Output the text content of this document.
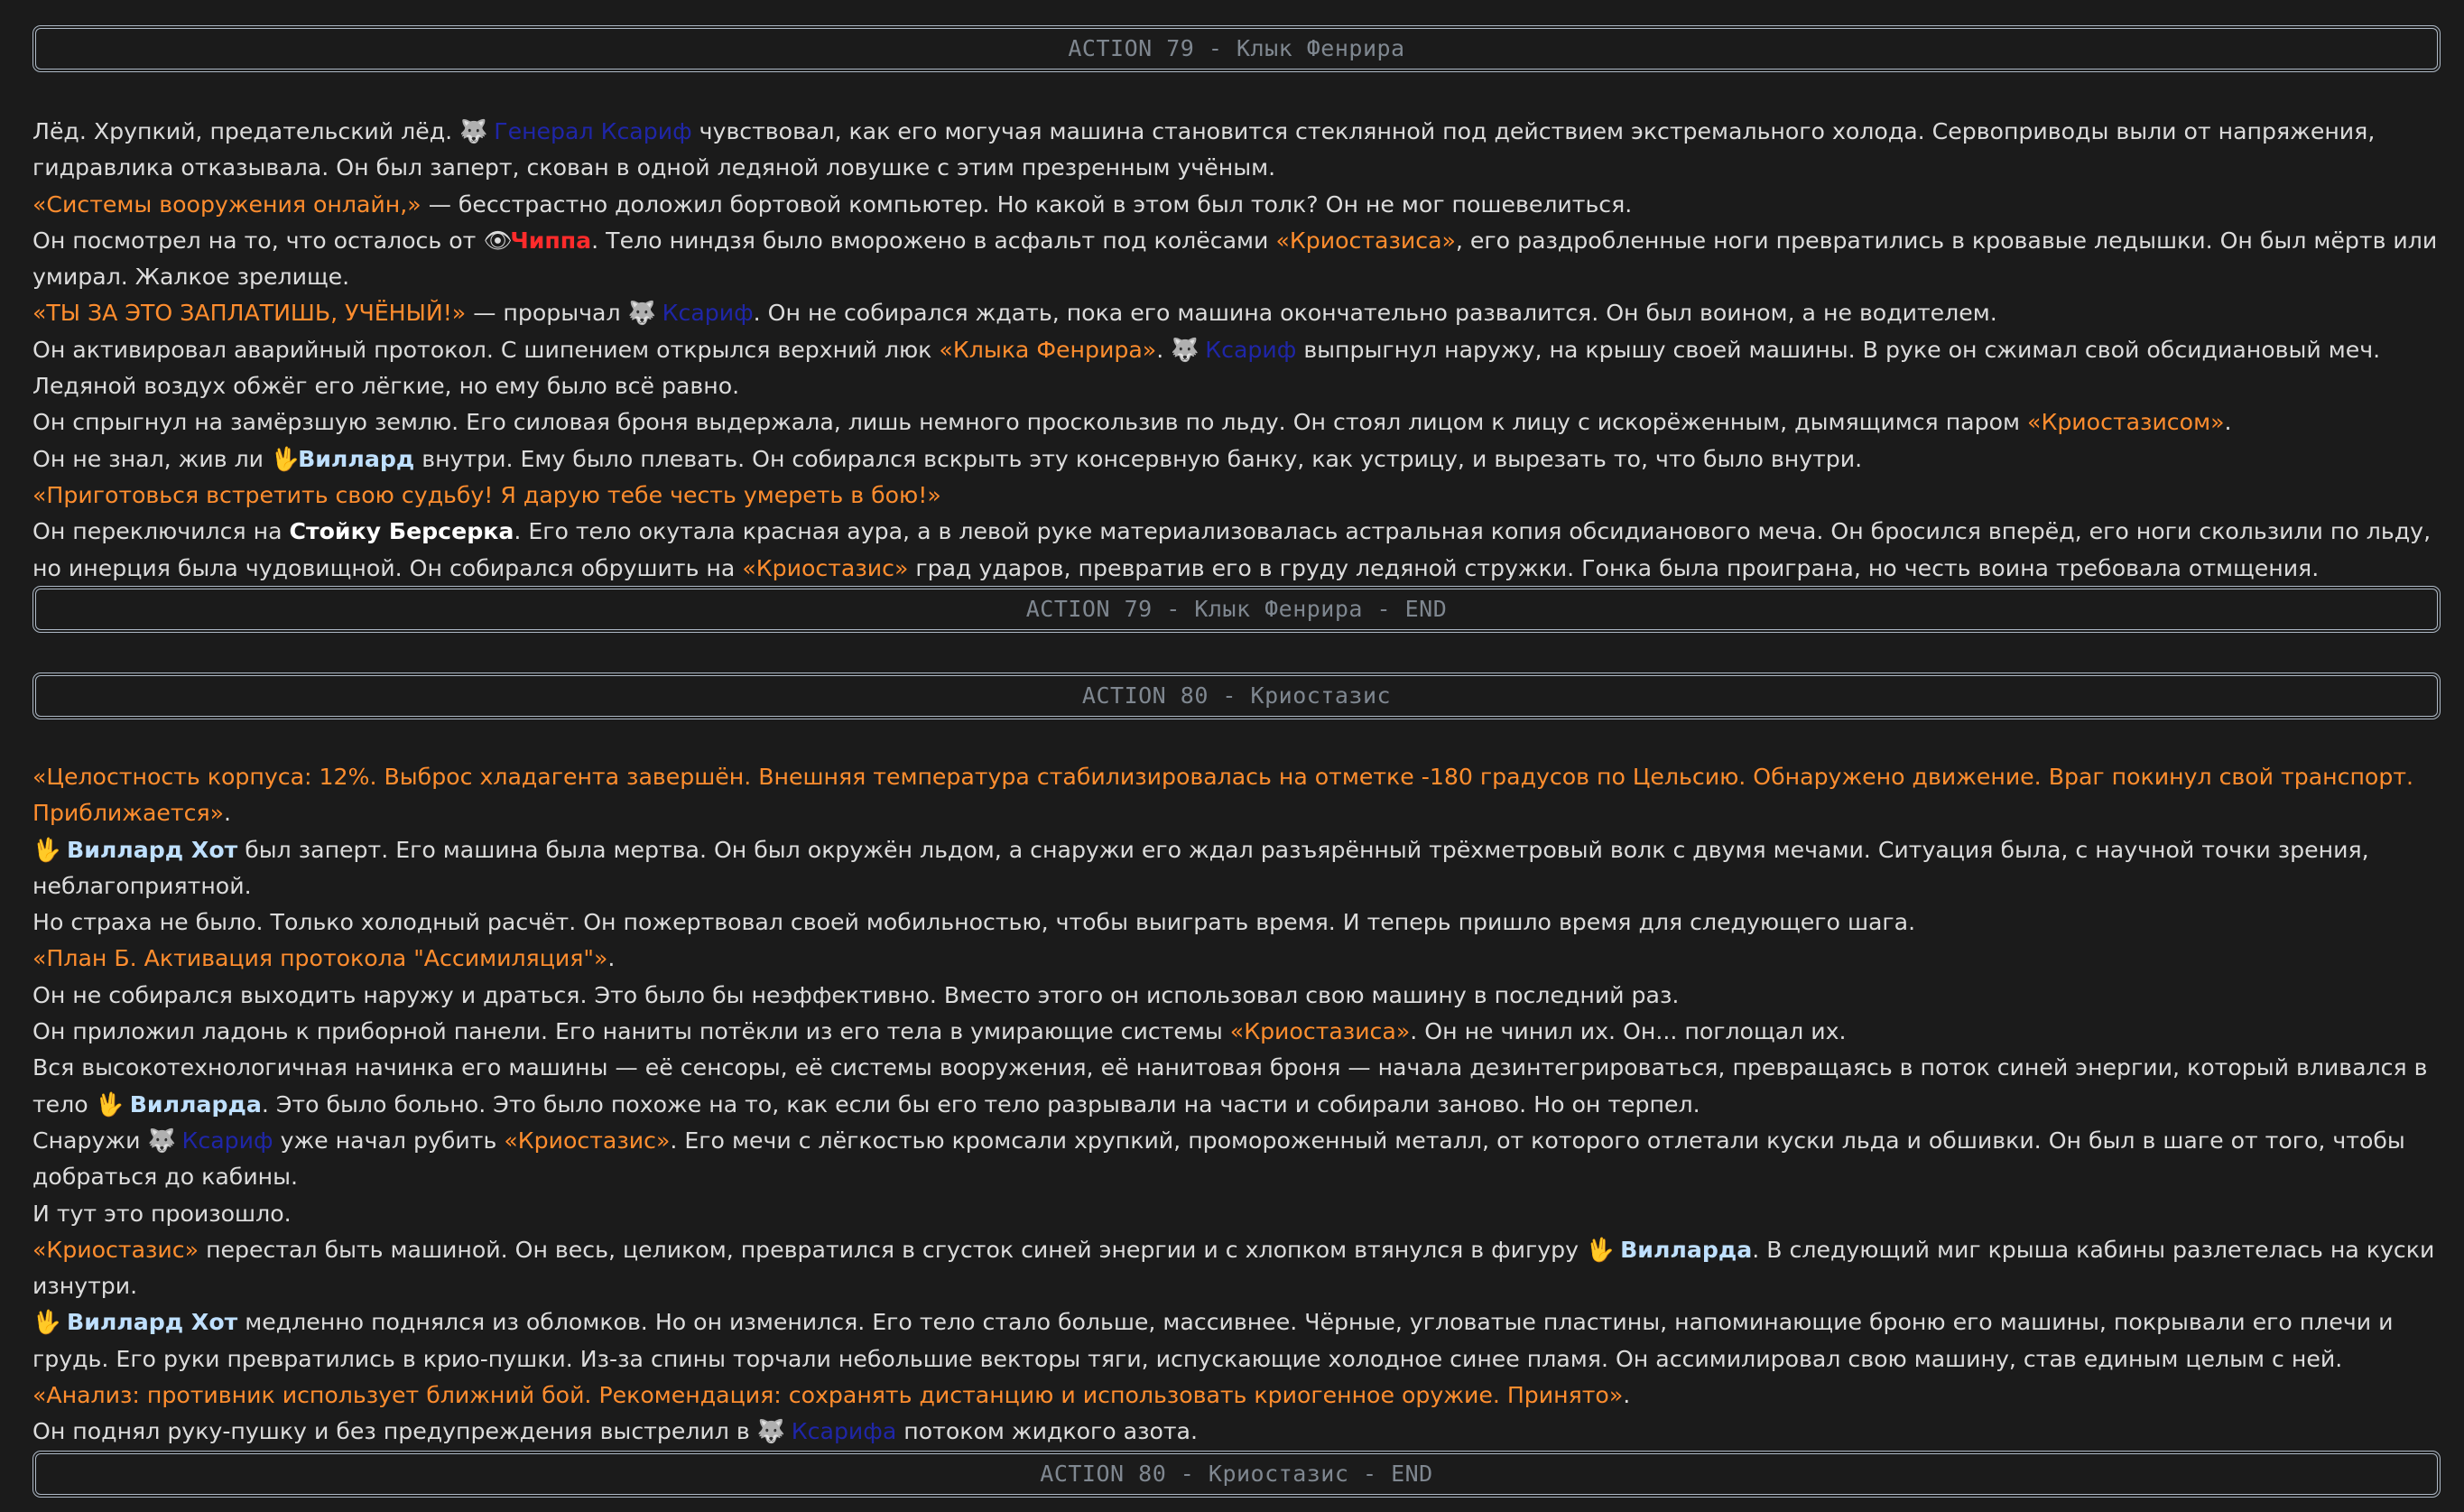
ACTION 79 - Клык Фенрира

Лёд. Хрупкий, предательский лёд. 🐺 Генерал Ксариф чувствовал, как его могучая машина становится стеклянной под действием экстремального холода. Сервоприводы выли от напряжения, гидравлика отказывала. Он был заперт, скован в одной ледяной ловушке с этим презренным учёным.

«Системы вооружения онлайн,» — бесстрастно доложил бортовой компьютер. Но какой в этом был толк? Он не мог пошевелиться.

Он посмотрел на то, что осталось от 👁Чиппа. Тело ниндзя было вморожено в асфальт под колёсами «Криостазиса», его раздробленные ноги превратились в кровавые ледышки. Он был мёртв или умирал. Жалкое зрелище.

«ТЫ ЗА ЭТО ЗАПЛАТИШЬ, УЧЁНЫЙ!» — прорычал 🐺 Ксариф. Он не собирался ждать, пока его машина окончательно развалится. Он был воином, а не водителем.

Он активировал аварийный протокол. С шипением открылся верхний люк «Клыка Фенрира». 🐺 Ксариф выпрыгнул наружу, на крышу своей машины. В руке он сжимал свой обсидиановый меч. Ледяной воздух обжёг его лёгкие, но ему было всё равно.

Он спрыгнул на замёрзшую землю. Его силовая броня выдержала, лишь немного проскользив по льду. Он стоял лицом к лицу с искорёженным, дымящимся паром «Криостазисом».

Он не знал, жив ли 🖖Виллард внутри. Ему было плевать. Он собирался вскрыть эту консервную банку, как устрицу, и вырезать то, что было внутри.

«Приготовься встретить свою судьбу! Я дарую тебе честь умереть в бою!»

Он переключился на Стойку Берсерка. Его тело окутала красная аура, а в левой руке материализовалась астральная копия обсидианового меча. Он бросился вперёд, его ноги скользили по льду, но инерция была чудовищной. Он собирался обрушить на «Криостазис» град ударов, превратив его в груду ледяной стружки. Гонка была проиграна, но честь воина требовала отмщения.

ACTION 79 - Клык Фенрира - END
ACTION 80 - Криостазис

«Целостность корпуса: 12%. Выброс хладагента завершён. Внешняя температура стабилизировалась на отметке -180 градусов по Цельсию. Обнаружено движение. Враг покинул свой транспорт. Приближается».

🖖 Виллард Хот был заперт. Его машина была мертва. Он был окружён льдом, а снаружи его ждал разъярённый трёхметровый волк с двумя мечами. Ситуация была, с научной точки зрения, неблагоприятной.

Но страха не было. Только холодный расчёт. Он пожертвовал своей мобильностью, чтобы выиграть время. И теперь пришло время для следующего шага.

«План Б. Активация протокола "Ассимиляция"».

Он не собирался выходить наружу и драться. Это было бы неэффективно. Вместо этого он использовал свою машину в последний раз.

Он приложил ладонь к приборной панели. Его наниты потёкли из его тела в умирающие системы «Криостазиса». Он не чинил их. Он... поглощал их.

Вся высокотехнологичная начинка его машины — её сенсоры, её системы вооружения, её нанитовая броня — начала дезинтегрироваться, превращаясь в поток синей энергии, который вливался в тело 🖖 Вилларда. Это было больно. Это было похоже на то, как если бы его тело разрывали на части и собирали заново. Но он терпел.

Снаружи 🐺 Ксариф уже начал рубить «Криостазис». Его мечи с лёгкостью кромсали хрупкий, промороженный металл, от которого отлетали куски льда и обшивки. Он был в шаге от того, чтобы добраться до кабины.

И тут это произошло.

«Криостазис» перестал быть машиной. Он весь, целиком, превратился в сгусток синей энергии и с хлопком втянулся в фигуру 🖖 Вилларда. В следующий миг крыша кабины разлетелась на куски изнутри.

🖖 Виллард Хот медленно поднялся из обломков. Но он изменился. Его тело стало больше, массивнее. Чёрные, угловатые пластины, напоминающие броню его машины, покрывали его плечи и грудь. Его руки превратились в крио-пушки. Из-за спины торчали небольшие векторы тяги, испускающие холодное синее пламя. Он ассимилировал свою машину, став единым целым с ней.

«Анализ: противник использует ближний бой. Рекомендация: сохранять дистанцию и использовать криогенное оружие. Принято».

Он поднял руку-пушку и без предупреждения выстрелил в 🐺 Ксарифа потоком жидкого азота.

ACTION 80 - Криостазис - END
